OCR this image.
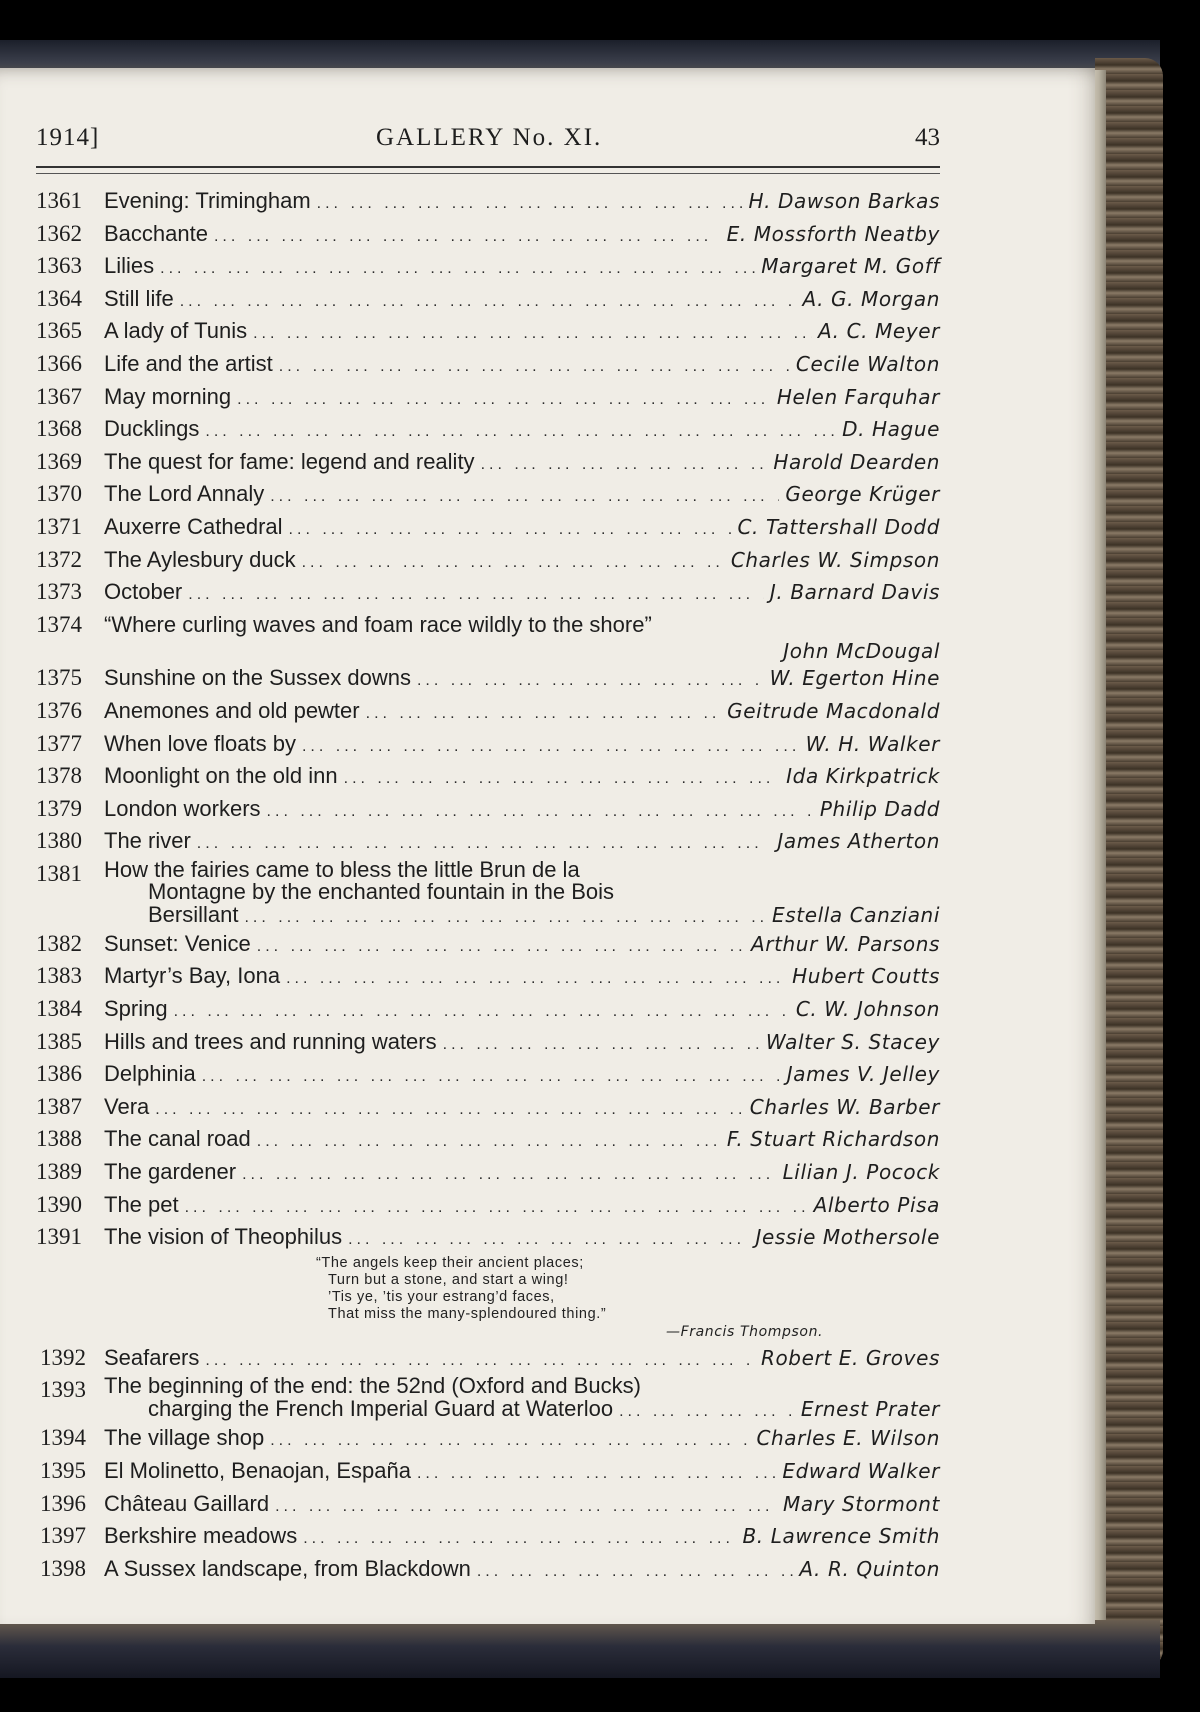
1914]	GALLERY No. XI.	43
1361	Evening: Trimingham ... .	H. Dawson Barkas
1362	Bacchante ... .	E. Mossforth Neatby
1363	Lilies ... .	Margaret M. Goff
1364	Still life ... .	A. G. Morgan
1365	A lady of Tunis ... .	A. C. Meyer
1366	Life and the artist ... .	Cecile Walton
1367	May morning ... .	Helen Farquhar
1368	Ducklings ... .	D. Hague
1369	The quest for fame: legend and reality ... .	Harold Dearden
1370	The Lord Annaly ... .	George Krüger
1371	Auxerre Cathedral ... .	C. Tattershall Dodd
1372	The Aylesbury duck ... .	Charles W. Simpson
1373	October ... .	J. Barnard Davis
1374	“Where curling waves and foam race wildly to the shore”
John McDougal
1375	Sunshine on the Sussex downs ... .	W. Egerton Hine
1376	Anemones and old pewter ... .	Geitrude Macdonald
1377	When love floats by ... .	W. H. Walker
1378	Moonlight on the old inn ... .	Ida Kirkpatrick
1379	London workers ... .	Philip Dadd
1380	The river ... .	James Atherton
1381	How the fairies came to bless the little Brun de la
Montagne by the enchanted fountain in the Bois
Bersillant ... .	Estella Canziani
1382	Sunset: Venice ... .	Arthur W. Parsons
1383	Martyr’s Bay, Iona ... .	Hubert Coutts
1384	Spring ... .	C. W. Johnson
1385	Hills and trees and running waters ... .	Walter S. Stacey
1386	Delphinia ... .	James V. Jelley
1387	Vera ... .	Charles W. Barber
1388	The canal road ... .	F. Stuart Richardson
1389	The gardener ... .	Lilian J. Pocock
1390	The pet ... .	Alberto Pisa
1391	The vision of Theophilus ... .	Jessie Mothersole
“The angels keep their ancient places;
Turn but a stone, and start a wing!
’Tis ye, ’tis your estrang’d faces,
That miss the many-splendoured thing.”
—Francis Thompson.
1392 Seafarers ... .	Robert E. Groves
1393 The beginning of the end: the 52nd (Oxford and Bucks)
charging the French Imperial Guard at Waterloo ... .	Ernest Prater
1394 The village shop ... .	Charles E. Wilson
1395 El Molinetto, Benaojan, España ... .	Edward Walker
1396 Château Gaillard ... .	Mary Stormont
1397 Berkshire meadows ... .	B. Lawrence Smith
1398 A Sussex landscape, from Blackdown ... .	A. R. Quinton
